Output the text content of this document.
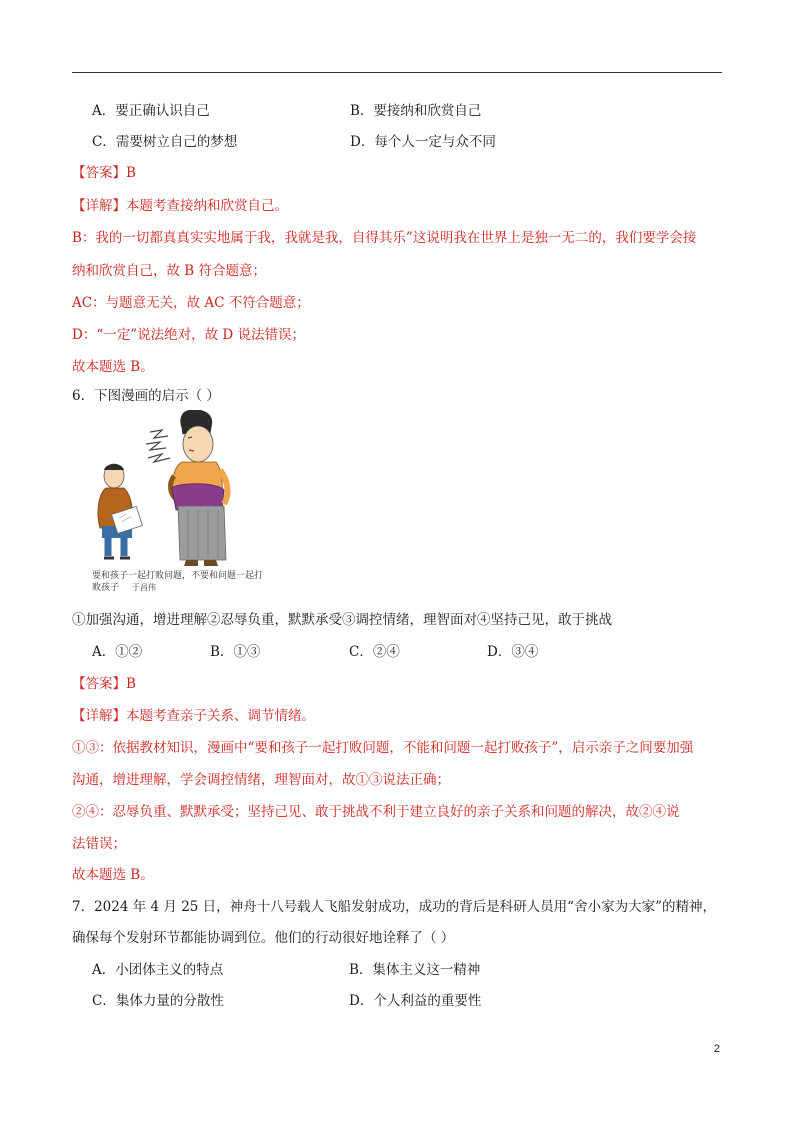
A．要正确认识自己	B．要接纳和欣赏自己
C．需要树立自己的梦想	D．每个人一定与众不同
【答案】B
【详解】本题考查接纳和欣赏自己。
B：我的一切都真真实实地属于我，我就是我，自得其乐”这说明我在世界上是独一无二的，我们要学会接
纳和欣赏自己，故 B 符合题意；
AC：与题意无关，故 AC 不符合题意；
D：“一定”说法绝对，故 D 说法错误；
故本题选 B。
6．下图漫画的启示（ ）
要和孩子一起打败问题，不要和问题一起打
败孩子 于昌伟
①加强沟通，增进理解②忍辱负重，默默承受③调控情绪，理智面对④坚持己见，敢于挑战
A．①②	B．①③	C．②④	D．③④
【答案】B
【详解】本题考查亲子关系、调节情绪。
①③：依据教材知识，漫画中“要和孩子一起打败问题，不能和问题一起打败孩子”，启示亲子之间要加强
沟通，增进理解，学会调控情绪，理智面对，故①③说法正确；
②④：忍辱负重、默默承受；坚持己见、敢于挑战不利于建立良好的亲子关系和问题的解决，故②④说
法错误；
故本题选 B。
7．2024 年 4 月 25 日，神舟十八号载人飞船发射成功，成功的背后是科研人员用“舍小家为大家”的精神，
确保每个发射环节都能协调到位。他们的行动很好地诠释了（ ）
A．小团体主义的特点	B．集体主义这一精神
C．集体力量的分散性	D．个人利益的重要性
2
